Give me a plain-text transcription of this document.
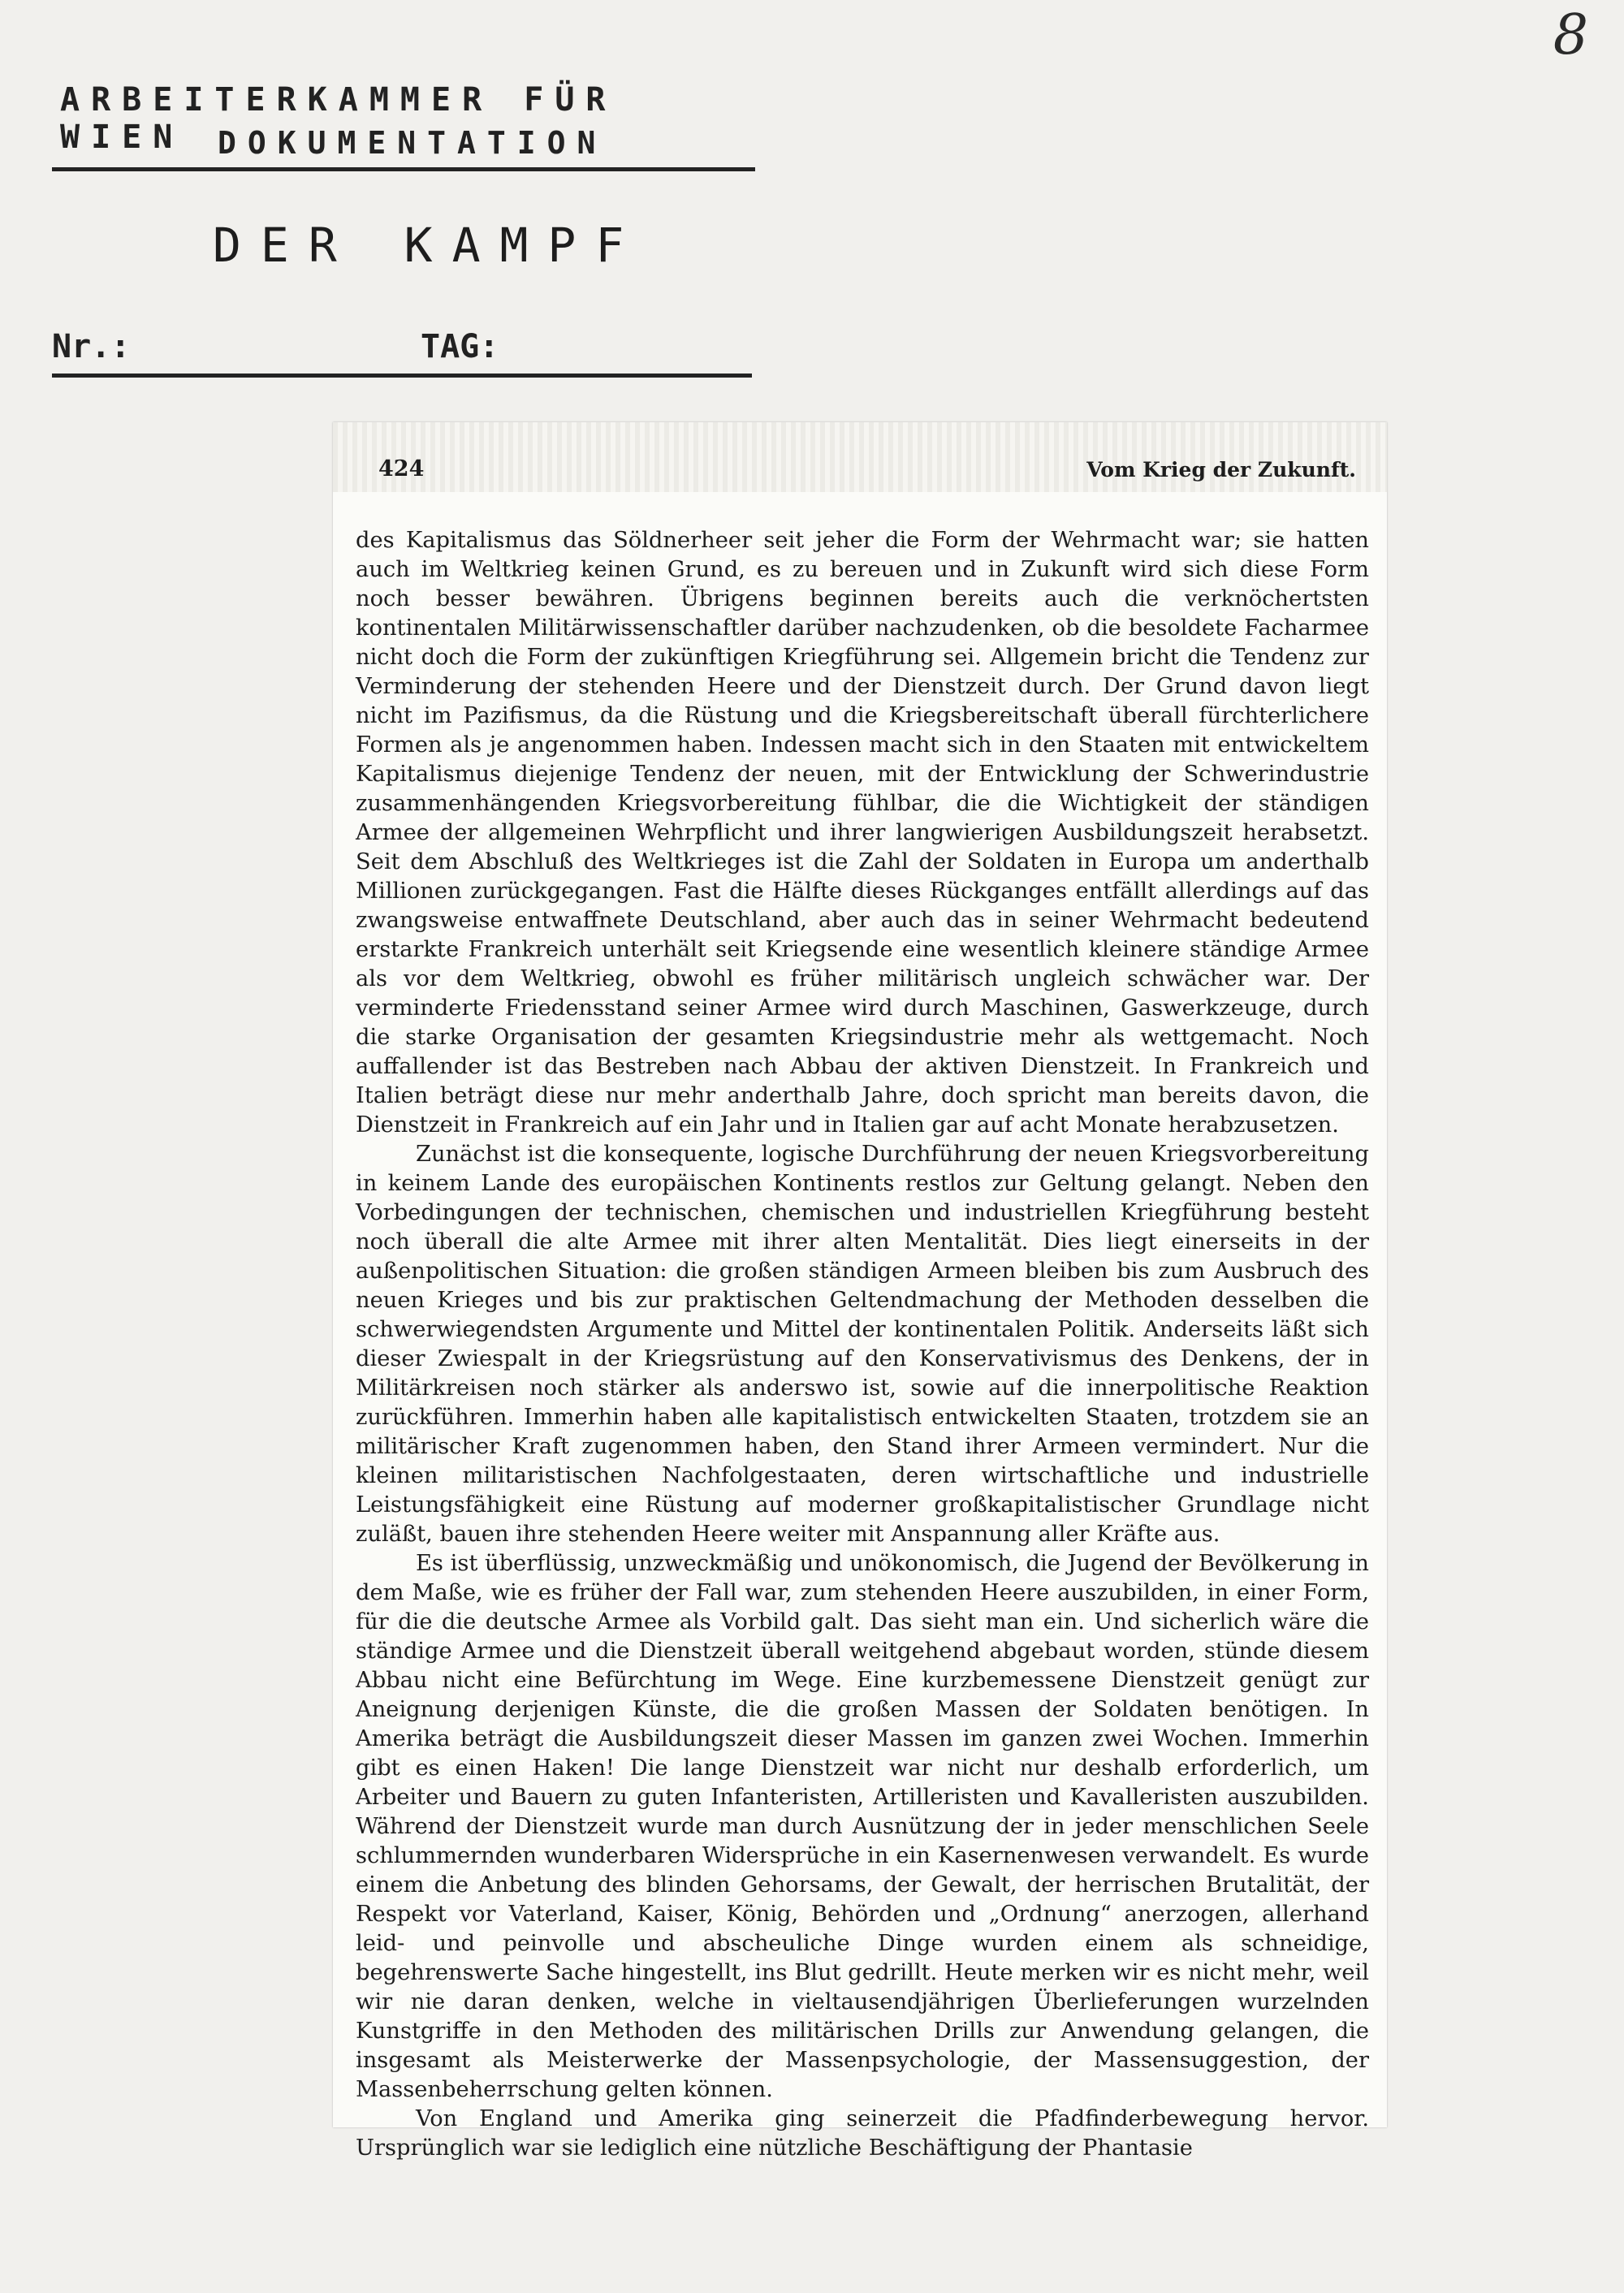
8
ARBEITERKAMMER FÜR WIEN	DOKUMENTATION
DER KAMPF
Nr.:	TAG:
424	Vom Krieg der Zukunft.

des Kapitalismus das Söldnerheer seit jeher die Form der Wehrmacht war; sie hatten auch im Weltkrieg keinen Grund, es zu bereuen und in Zukunft wird sich diese Form noch besser bewähren. Übrigens beginnen bereits auch die verknöchertsten kontinentalen Militärwissenschaftler darüber nachzudenken, ob die besoldete Facharmee nicht doch die Form der zukünftigen Kriegführung sei. Allgemein bricht die Tendenz zur Verminderung der stehenden Heere und der Dienstzeit durch. Der Grund davon liegt nicht im Pazifismus, da die Rüstung und die Kriegsbereitschaft überall fürchterlichere Formen als je angenommen haben. Indessen macht sich in den Staaten mit entwickeltem Kapitalismus diejenige Tendenz der neuen, mit der Entwicklung der Schwerindustrie zusammenhängenden Kriegsvorbereitung fühlbar, die die Wichtigkeit der ständigen Armee der allgemeinen Wehrpflicht und ihrer langwierigen Ausbildungszeit herabsetzt. Seit dem Abschluß des Weltkrieges ist die Zahl der Soldaten in Europa um anderthalb Millionen zurückgegangen. Fast die Hälfte dieses Rückganges entfällt allerdings auf das zwangsweise entwaffnete Deutschland, aber auch das in seiner Wehrmacht bedeutend erstarkte Frankreich unterhält seit Kriegsende eine wesentlich kleinere ständige Armee als vor dem Weltkrieg, obwohl es früher militärisch ungleich schwächer war. Der verminderte Friedensstand seiner Armee wird durch Maschinen, Gaswerkzeuge, durch die starke Organisation der gesamten Kriegsindustrie mehr als wettgemacht. Noch auffallender ist das Bestreben nach Abbau der aktiven Dienstzeit. In Frankreich und Italien beträgt diese nur mehr anderthalb Jahre, doch spricht man bereits davon, die Dienstzeit in Frankreich auf ein Jahr und in Italien gar auf acht Monate herabzusetzen.

Zunächst ist die konsequente, logische Durchführung der neuen Kriegsvorbereitung in keinem Lande des europäischen Kontinents restlos zur Geltung gelangt. Neben den Vorbedingungen der technischen, chemischen und industriellen Kriegführung besteht noch überall die alte Armee mit ihrer alten Mentalität. Dies liegt einerseits in der außenpolitischen Situation: die großen ständigen Armeen bleiben bis zum Ausbruch des neuen Krieges und bis zur praktischen Geltendmachung der Methoden desselben die schwerwiegendsten Argumente und Mittel der kontinentalen Politik. Anderseits läßt sich dieser Zwiespalt in der Kriegsrüstung auf den Konservativismus des Denkens, der in Militärkreisen noch stärker als anderswo ist, sowie auf die innerpolitische Reaktion zurückführen. Immerhin haben alle kapitalistisch entwickelten Staaten, trotzdem sie an militärischer Kraft zugenommen haben, den Stand ihrer Armeen vermindert. Nur die kleinen militaristischen Nachfolgestaaten, deren wirtschaftliche und industrielle Leistungsfähigkeit eine Rüstung auf moderner großkapitalistischer Grundlage nicht zuläßt, bauen ihre stehenden Heere weiter mit Anspannung aller Kräfte aus.

Es ist überflüssig, unzweckmäßig und unökonomisch, die Jugend der Bevölkerung in dem Maße, wie es früher der Fall war, zum stehenden Heere auszubilden, in einer Form, für die die deutsche Armee als Vorbild galt. Das sieht man ein. Und sicherlich wäre die ständige Armee und die Dienstzeit überall weitgehend abgebaut worden, stünde diesem Abbau nicht eine Befürchtung im Wege. Eine kurzbemessene Dienstzeit genügt zur Aneignung derjenigen Künste, die die großen Massen der Soldaten benötigen. In Amerika beträgt die Ausbildungszeit dieser Massen im ganzen zwei Wochen. Immerhin gibt es einen Haken! Die lange Dienstzeit war nicht nur deshalb erforderlich, um Arbeiter und Bauern zu guten Infanteristen, Artilleristen und Kavalleristen auszubilden. Während der Dienstzeit wurde man durch Ausnützung der in jeder menschlichen Seele schlummernden wunderbaren Widersprüche in ein Kasernenwesen verwandelt. Es wurde einem die Anbetung des blinden Gehorsams, der Gewalt, der herrischen Brutalität, der Respekt vor Vaterland, Kaiser, König, Behörden und „Ordnung“ anerzogen, allerhand leid- und peinvolle und abscheuliche Dinge wurden einem als schneidige, begehrenswerte Sache hingestellt, ins Blut gedrillt. Heute merken wir es nicht mehr, weil wir nie daran denken, welche in vieltausendjährigen Überlieferungen wurzelnden Kunstgriffe in den Methoden des militärischen Drills zur Anwendung gelangen, die insgesamt als Meisterwerke der Massenpsychologie, der Massensuggestion, der Massenbeherrschung gelten können.

Von England und Amerika ging seinerzeit die Pfadfinderbewegung hervor. Ursprünglich war sie lediglich eine nützliche Beschäftigung der Phantasie
